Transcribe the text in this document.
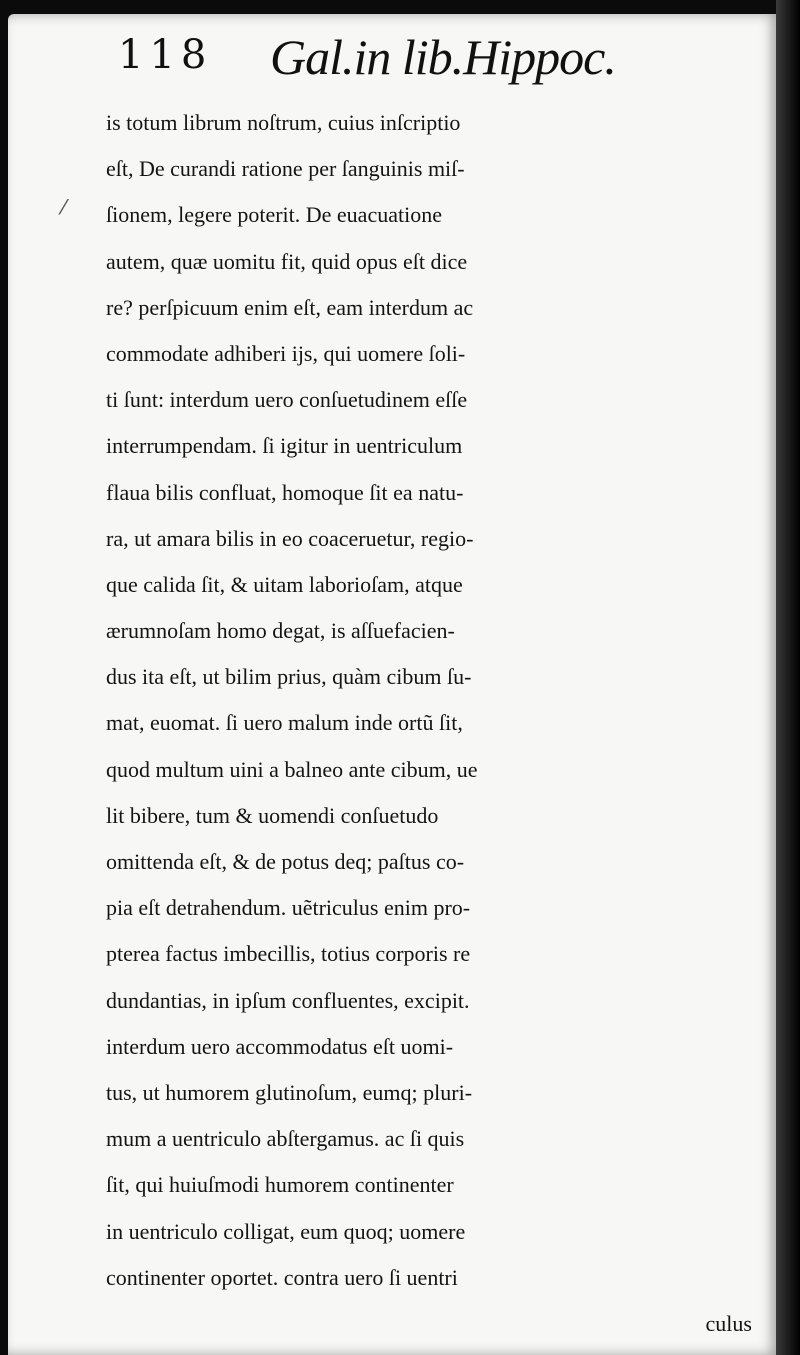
118 Gal.in lib.Hippoc.
⁄
is totum librum noſtrum, cuius inſcriptio
eſt, De curandi ratione per ſanguinis miſ-
ſionem, legere poterit. De euacuatione
autem, quæ uomitu fit, quid opus eſt dice
re? perſpicuum enim eſt, eam interdum ac
commodate adhiberi ijs, qui uomere ſoli-
ti ſunt: interdum uero conſuetudinem eſſe
interrumpendam. ſi igitur in uentriculum
flaua bilis confluat, homoque ſit ea natu-
ra, ut amara bilis in eo coaceruetur, regio-
que calida ſit, & uitam laborioſam, atque
ærumnoſam homo degat, is aſſuefacien-
dus ita eſt, ut bilim prius, quàm cibum ſu-
mat, euomat. ſi uero malum inde ortũ ſit,
quod multum uini a balneo ante cibum, ue
lit bibere, tum & uomendi conſuetudo
omittenda eſt, & de potus deq; paſtus co-
pia eſt detrahendum. uẽtriculus enim pro-
pterea factus imbecillis, totius corporis re
dundantias, in ipſum confluentes, excipit.
interdum uero accommodatus eſt uomi-
tus, ut humorem glutinoſum, eumq; pluri-
mum a uentriculo abſtergamus. ac ſi quis
ſit, qui huiuſmodi humorem continenter
in uentriculo colligat, eum quoq; uomere
continenter oportet. contra uero ſi uentri
culus
